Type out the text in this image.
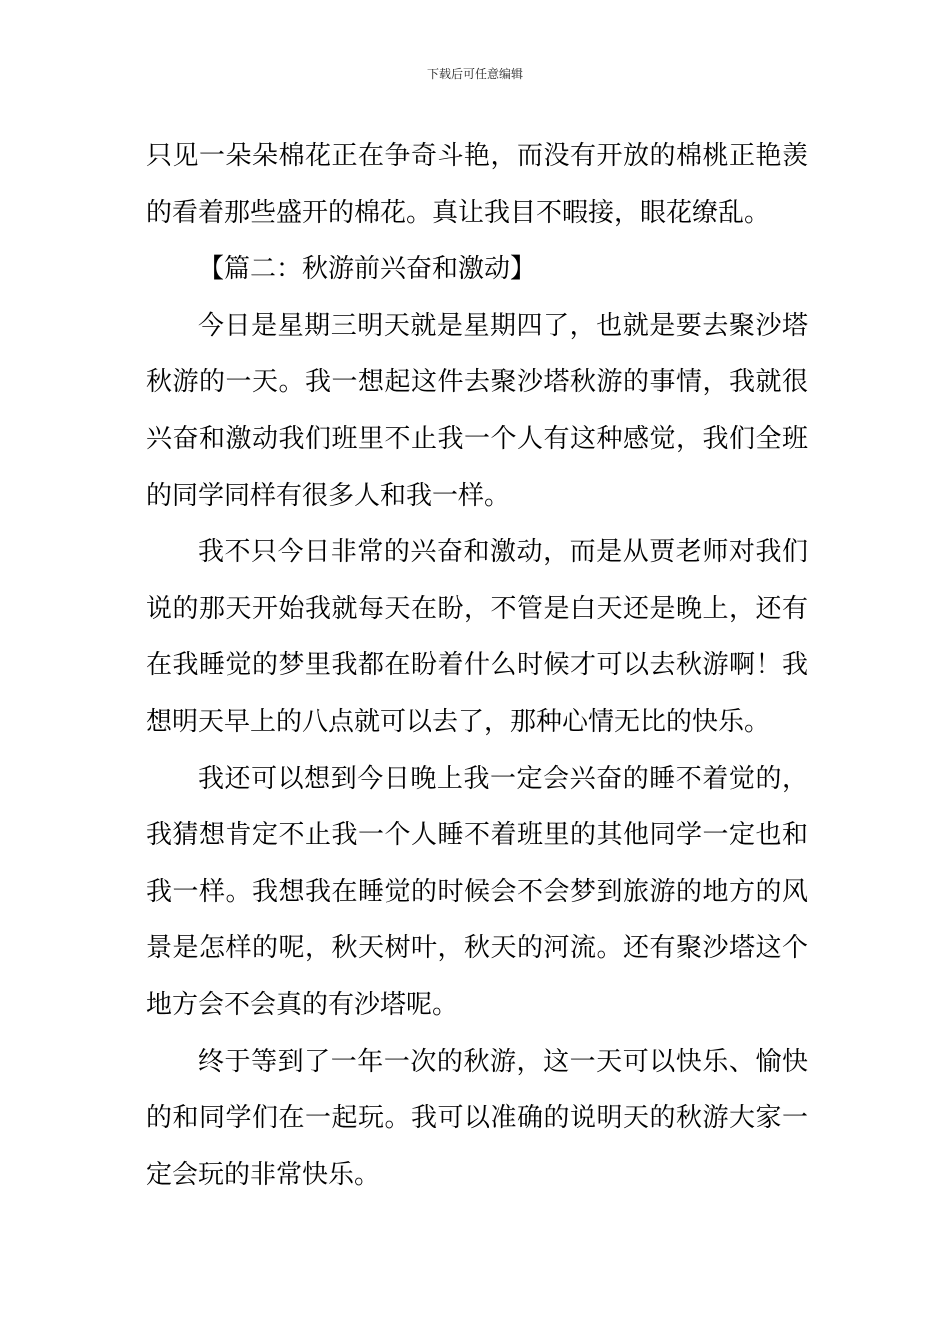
下载后可任意编辑

只见一朵朵棉花正在争奇斗艳，而没有开放的棉桃正艳羡的看着那些盛开的棉花。真让我目不暇接，眼花缭乱。

【篇二：秋游前兴奋和激动】

今日是星期三明天就是星期四了，也就是要去聚沙塔秋游的一天。我一想起这件去聚沙塔秋游的事情，我就很兴奋和激动我们班里不止我一个人有这种感觉，我们全班的同学同样有很多人和我一样。

我不只今日非常的兴奋和激动，而是从贾老师对我们说的那天开始我就每天在盼，不管是白天还是晚上，还有在我睡觉的梦里我都在盼着什么时候才可以去秋游啊！我想明天早上的八点就可以去了，那种心情无比的快乐。

我还可以想到今日晚上我一定会兴奋的睡不着觉的，我猜想肯定不止我一个人睡不着班里的其他同学一定也和我一样。我想我在睡觉的时候会不会梦到旅游的地方的风景是怎样的呢，秋天树叶，秋天的河流。还有聚沙塔这个地方会不会真的有沙塔呢。

终于等到了一年一次的秋游，这一天可以快乐、愉快的和同学们在一起玩。我可以准确的说明天的秋游大家一定会玩的非常快乐。
